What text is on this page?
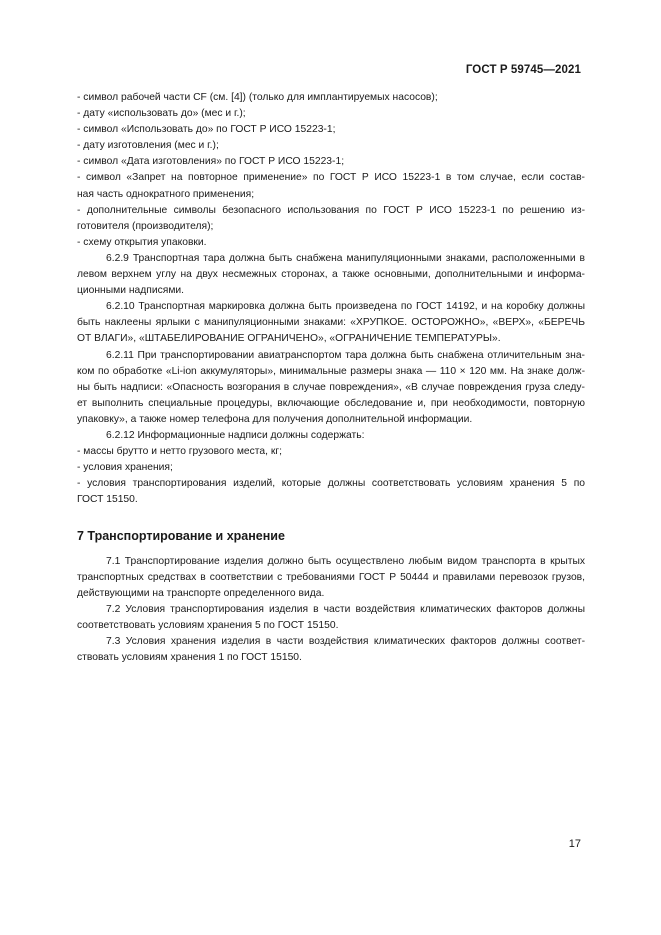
ГОСТ Р 59745—2021
- символ рабочей части CF (см. [4]) (только для имплантируемых насосов);
- дату «использовать до» (мес и г.);
- символ «Использовать до» по ГОСТ Р ИСО 15223-1;
- дату изготовления (мес и г.);
- символ «Дата изготовления» по ГОСТ Р ИСО 15223-1;
- символ «Запрет на повторное применение» по ГОСТ Р ИСО 15223-1 в том случае, если состав-
ная часть однократного применения;
- дополнительные символы безопасного использования по ГОСТ Р ИСО 15223-1 по решению из-
готовителя (производителя);
- схему открытия упаковки.
6.2.9 Транспортная тара должна быть снабжена манипуляционными знаками, расположенными в
левом верхнем углу на двух несмежных сторонах, а также основными, дополнительными и информа-
ционными надписями.
6.2.10 Транспортная маркировка должна быть произведена по ГОСТ 14192, и на коробку должны
быть наклеены ярлыки с манипуляционными знаками: «ХРУПКОЕ. ОСТОРОЖНО», «ВЕРХ», «БЕРЕЧЬ
ОТ ВЛАГИ», «ШТАБЕЛИРОВАНИЕ ОГРАНИЧЕНО», «ОГРАНИЧЕНИЕ ТЕМПЕРАТУРЫ».
6.2.11 При транспортировании авиатранспортом тара должна быть снабжена отличительным зна-
ком по обработке «Li-ion аккумуляторы», минимальные размеры знака — 110 × 120 мм. На знаке долж-
ны быть надписи: «Опасность возгорания в случае повреждения», «В случае повреждения груза следу-
ет выполнить специальные процедуры, включающие обследование и, при необходимости, повторную
упаковку», а также номер телефона для получения дополнительной информации.
6.2.12 Информационные надписи должны содержать:
- массы брутто и нетто грузового места, кг;
- условия хранения;
- условия транспортирования изделий, которые должны соответствовать условиям хранения 5 по
ГОСТ 15150.
7 Транспортирование и хранение
7.1 Транспортирование изделия должно быть осуществлено любым видом транспорта в крытых
транспортных средствах в соответствии с требованиями ГОСТ Р 50444 и правилами перевозок грузов,
действующими на транспорте определенного вида.
7.2 Условия транспортирования изделия в части воздействия климатических факторов должны
соответствовать условиям хранения 5 по ГОСТ 15150.
7.3 Условия хранения изделия в части воздействия климатических факторов должны соответ-
ствовать условиям хранения 1 по ГОСТ 15150.
17
